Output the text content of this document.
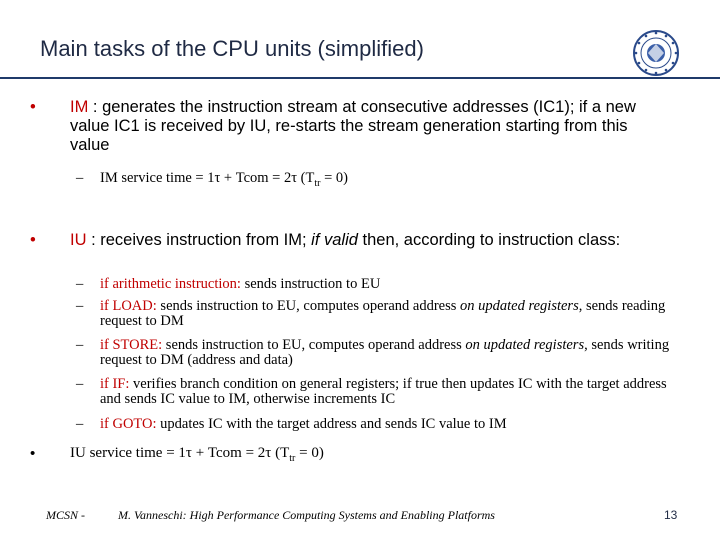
Main tasks of the CPU units (simplified)
• IM : generates the instruction stream at consecutive addresses (IC1); if a new value IC1 is received by IU, re-starts the stream generation starting from this value
– IM service time = 1τ + Tcom = 2τ $(T_{tr} = 0)$
• IU : receives instruction from IM; if valid then, according to instruction class:
– if arithmetic instruction: sends instruction to EU
– if LOAD: sends instruction to EU, computes operand address on updated registers, sends reading request to DM
– if STORE: sends instruction to EU, computes operand address on updated registers, sends writing request to DM (address and data)
– if IF: verifies branch condition on general registers; if true then updates IC with the target address and sends IC value to IM, otherwise increments IC
– if GOTO: updates IC with the target address and sends IC value to IM
• IU service time = 1τ + Tcom = 2τ $(T_{tr} = 0)$
MCSN -	M. Vanneschi: High Performance Computing Systems and Enabling Platforms	13
